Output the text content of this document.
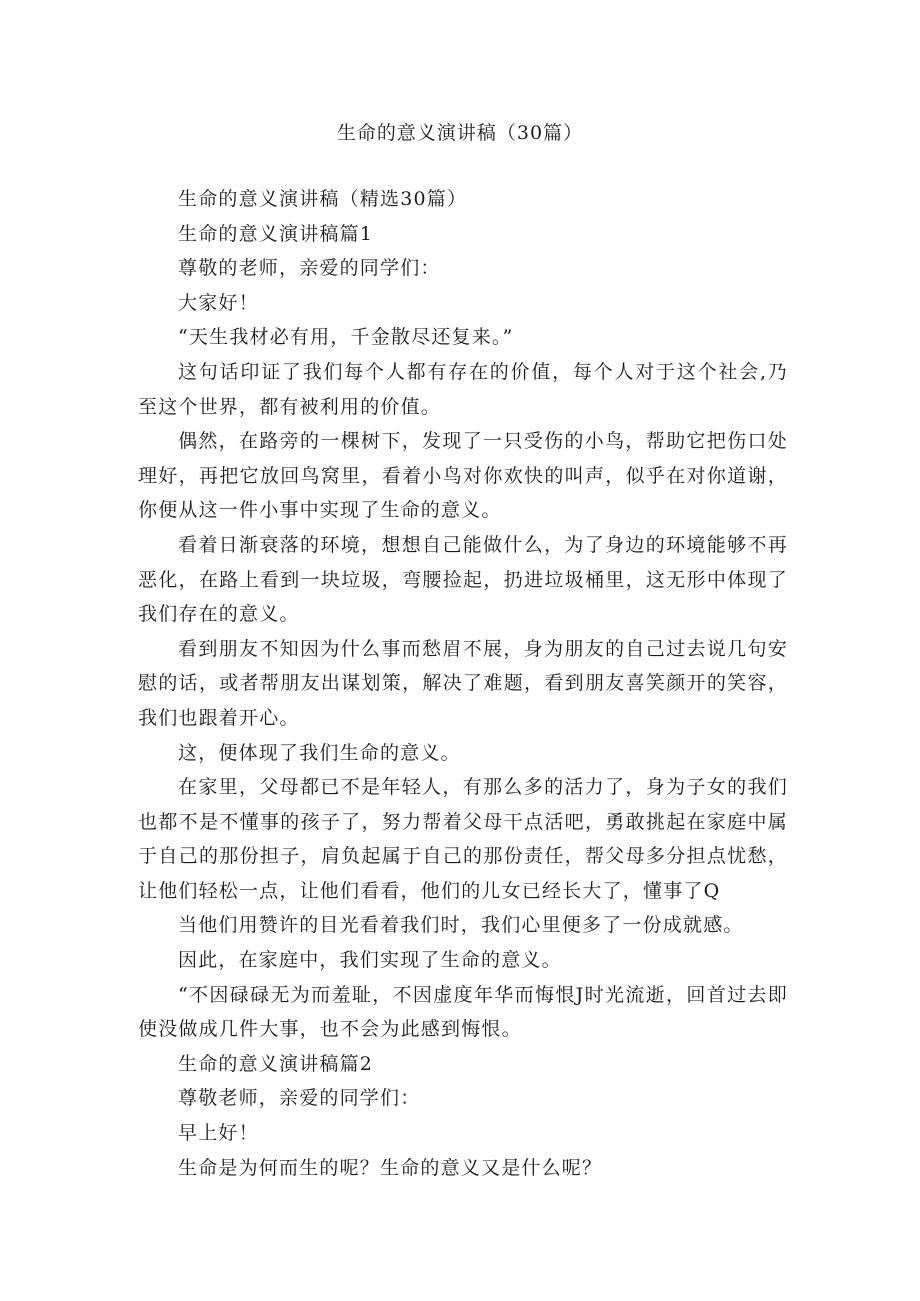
生命的意义演讲稿（30篇）

生命的意义演讲稿（精选30篇）

生命的意义演讲稿篇1

尊敬的老师，亲爱的同学们：

大家好！

“天生我材必有用，千金散尽还复来。”

这句话印证了我们每个人都有存在的价值，每个人对于这个社会,乃至这个世界，都有被利用的价值。

偶然，在路旁的一棵树下，发现了一只受伤的小鸟，帮助它把伤口处理好，再把它放回鸟窝里，看着小鸟对你欢快的叫声，似乎在对你道谢，你便从这一件小事中实现了生命的意义。

看着日渐衰落的环境，想想自己能做什么，为了身边的环境能够不再恶化，在路上看到一块垃圾，弯腰捡起，扔进垃圾桶里，这无形中体现了我们存在的意义。

看到朋友不知因为什么事而愁眉不展，身为朋友的自己过去说几句安慰的话，或者帮朋友出谋划策，解决了难题，看到朋友喜笑颜开的笑容，我们也跟着开心。

这，便体现了我们生命的意义。

在家里，父母都已不是年轻人，有那么多的活力了，身为子女的我们也都不是不懂事的孩子了，努力帮着父母干点活吧，勇敢挑起在家庭中属于自己的那份担子，肩负起属于自己的那份责任，帮父母多分担点忧愁，让他们轻松一点，让他们看看，他们的儿女已经长大了，懂事了Q

当他们用赞许的目光看着我们时，我们心里便多了一份成就感。

因此，在家庭中，我们实现了生命的意义。

“不因碌碌无为而羞耻，不因虚度年华而悔恨J时光流逝，回首过去即使没做成几件大事，也不会为此感到悔恨。

生命的意义演讲稿篇2

尊敬老师，亲爱的同学们：

早上好！

生命是为何而生的呢？生命的意义又是什么呢？
